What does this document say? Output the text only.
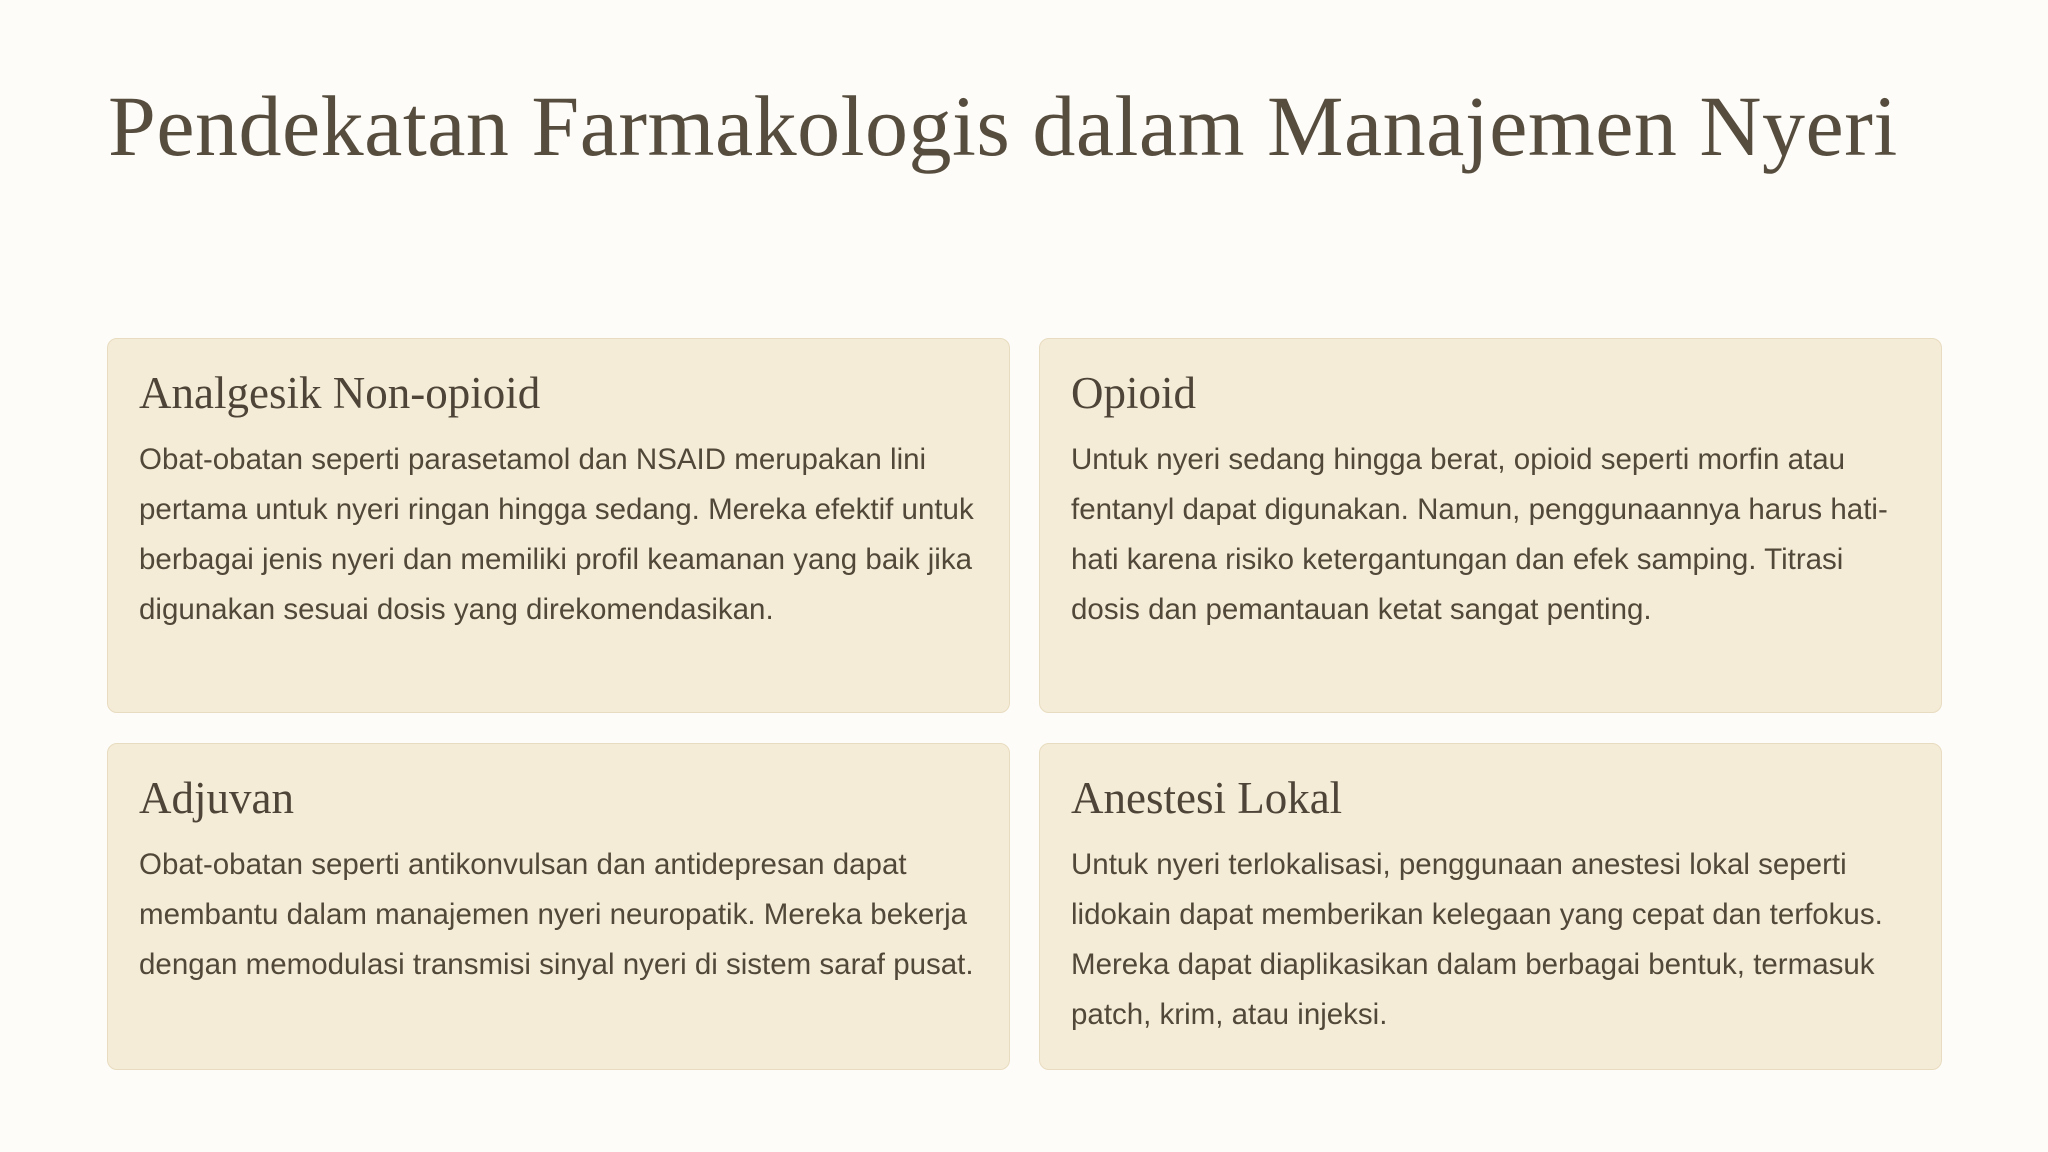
Pendekatan Farmakologis dalam Manajemen Nyeri
Analgesik Non-opioid

Obat-obatan seperti parasetamol dan NSAID merupakan lini pertama untuk nyeri ringan hingga sedang. Mereka efektif untuk berbagai jenis nyeri dan memiliki profil keamanan yang baik jika digunakan sesuai dosis yang direkomendasikan.

Opioid

Untuk nyeri sedang hingga berat, opioid seperti morfin atau fentanyl dapat digunakan. Namun, penggunaannya harus hati-hati karena risiko ketergantungan dan efek samping. Titrasi dosis dan pemantauan ketat sangat penting.

Adjuvan

Obat-obatan seperti antikonvulsan dan antidepresan dapat membantu dalam manajemen nyeri neuropatik. Mereka bekerja dengan memodulasi transmisi sinyal nyeri di sistem saraf pusat.

Anestesi Lokal

Untuk nyeri terlokalisasi, penggunaan anestesi lokal seperti lidokain dapat memberikan kelegaan yang cepat dan terfokus. Mereka dapat diaplikasikan dalam berbagai bentuk, termasuk patch, krim, atau injeksi.
